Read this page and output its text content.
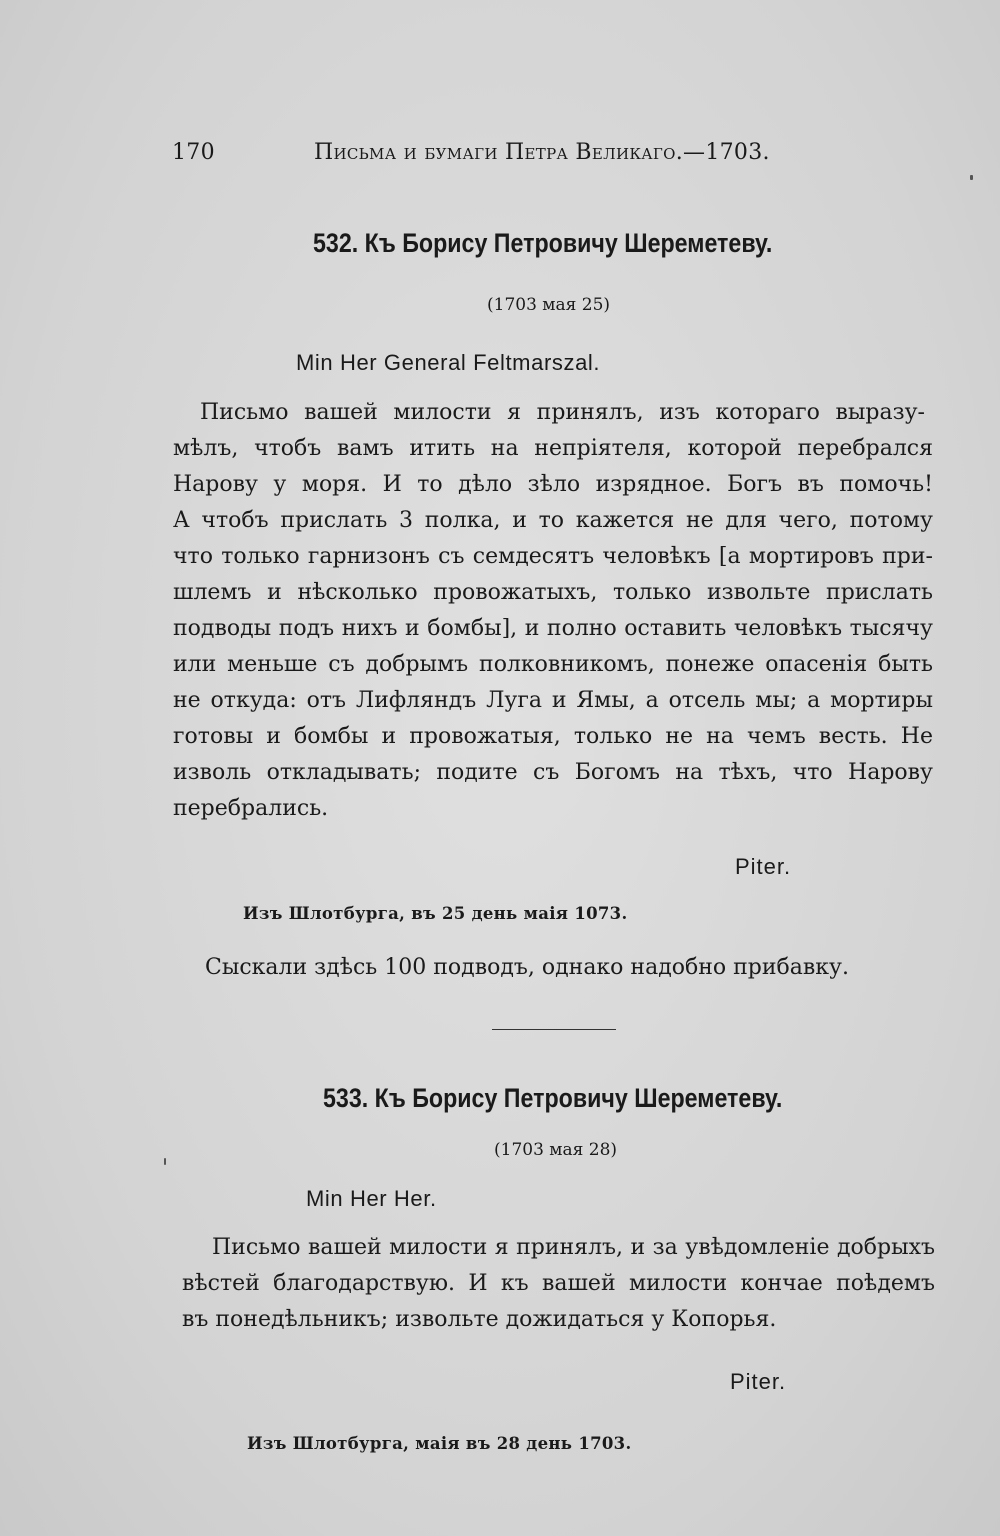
170	Письма и бумаги Петра Великаго.—1703.
532. Къ Борису Петровичу Шереметеву.
(1703 мая 25)
Min Her General Feltmarszal.
Письмо вашей милости я принялъ, изъ котораго выразу-
мѣлъ, чтобъ вамъ итить на непріятеля, которой перебрался
Нарову у моря. И то дѣло зѣло изрядное. Богъ въ помочь!
А чтобъ прислать 3 полка, и то кажется не для чего, потому
что только гарнизонъ съ семдесятъ человѣкъ [а мортировъ при-
шлемъ и нѣсколько провожатыхъ, только извольте прислать
подводы подъ нихъ и бомбы], и полно оставить человѣкъ тысячу
или меньше съ добрымъ полковникомъ, понеже опасенія быть
не откуда: отъ Лифляндъ Луга и Ямы, а отсель мы; а мортиры
готовы и бомбы и провожатыя, только не на чемъ весть. Не
изволь откладывать; подите съ Богомъ на тѣхъ, что Нарову
перебрались.
Piter.
Изъ Шлотбурга, въ 25 день маія 1073.
Сыскали здѣсь 100 подводъ, однако надобно прибавку.
533. Къ Борису Петровичу Шереметеву.
(1703 мая 28)
Min Her Her.
Письмо вашей милости я принялъ, и за увѣдомленіе добрыхъ
вѣстей благодарствую. И къ вашей милости кончае поѣдемъ
въ понедѣльникъ; извольте дожидаться у Копорья.
Piter.
Изъ Шлотбурга, маія въ 28 день 1703.
